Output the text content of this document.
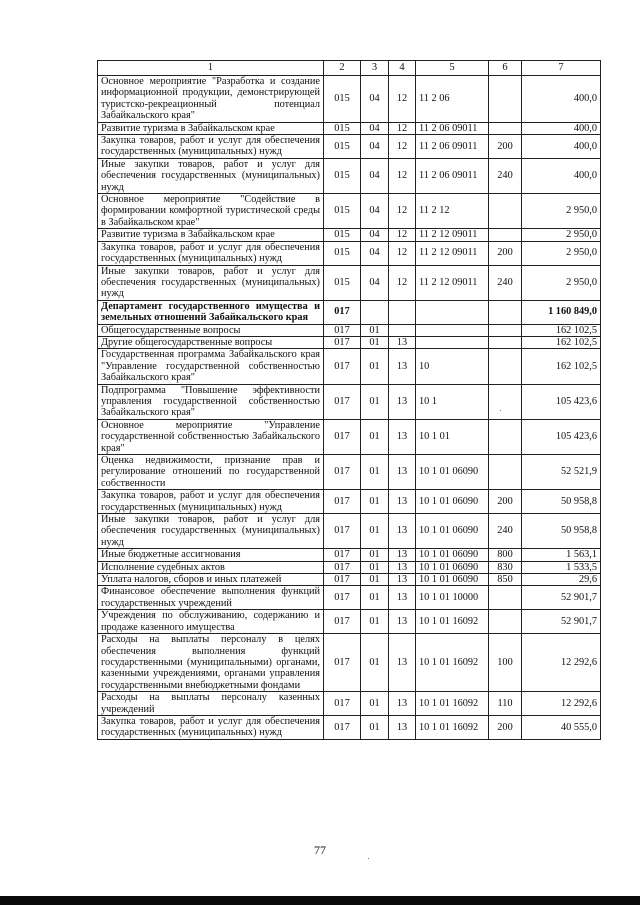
1	2	3	4	5	6	7
Основное мероприятие "Разработка и создание информационной продукции, демонстрирующей туристско-рекреационный потенциал Забайкальского края"	015	04	12	11 2 06		400,0
Развитие туризма в Забайкальском крае	015	04	12	11 2 06 09011		400,0
Закупка товаров, работ и услуг для обеспечения государственных (муниципальных) нужд	015	04	12	11 2 06 09011	200	400,0
Иные закупки товаров, работ и услуг для обеспечения государственных (муниципальных) нужд	015	04	12	11 2 06 09011	240	400,0
Основное мероприятие "Содействие в формировании комфортной туристической среды в Забайкальском крае"	015	04	12	11 2 12		2 950,0
Развитие туризма в Забайкальском крае	015	04	12	11 2 12 09011		2 950,0
Закупка товаров, работ и услуг для обеспечения государственных (муниципальных) нужд	015	04	12	11 2 12 09011	200	2 950,0
Иные закупки товаров, работ и услуг для обеспечения государственных (муниципальных) нужд	015	04	12	11 2 12 09011	240	2 950,0
Департамент государственного имущества и земельных отношений Забайкальского края	017					1 160 849,0
Общегосударственные вопросы	017	01				162 102,5
Другие общегосударственные вопросы	017	01	13			162 102,5
Государственная программа Забайкальского края "Управление государственной собственностью Забайкальского края"	017	01	13	10		162 102,5
Подпрограмма "Повышение эффективности управления государственной собственностью Забайкальского края"	017	01	13	10 1		105 423,6
Основное мероприятие "Управление государственной собственностью Забайкальского края"	017	01	13	10 1 01		105 423,6
Оценка недвижимости, признание прав и регулирование отношений по государственной собственности	017	01	13	10 1 01 06090		52 521,9
Закупка товаров, работ и услуг для обеспечения государственных (муниципальных) нужд	017	01	13	10 1 01 06090	200	50 958,8
Иные закупки товаров, работ и услуг для обеспечения государственных (муниципальных) нужд	017	01	13	10 1 01 06090	240	50 958,8
Иные бюджетные ассигнования	017	01	13	10 1 01 06090	800	1 563,1
Исполнение судебных актов	017	01	13	10 1 01 06090	830	1 533,5
Уплата налогов, сборов и иных платежей	017	01	13	10 1 01 06090	850	29,6
Финансовое обеспечение выполнения функций государственных учреждений	017	01	13	10 1 01 10000		52 901,7
Учреждения по обслуживанию, содержанию и продаже казенного имущества	017	01	13	10 1 01 16092		52 901,7
Расходы на выплаты персоналу в целях обеспечения выполнения функций государственными (муниципальными) органами, казенными учреждениями, органами управления государственными внебюджетными фондами	017	01	13	10 1 01 16092	100	12 292,6
Расходы на выплаты персоналу казенных учреждений	017	01	13	10 1 01 16092	110	12 292,6
Закупка товаров, работ и услуг для обеспечения государственных (муниципальных) нужд	017	01	13	10 1 01 16092	200	40 555,0
77
